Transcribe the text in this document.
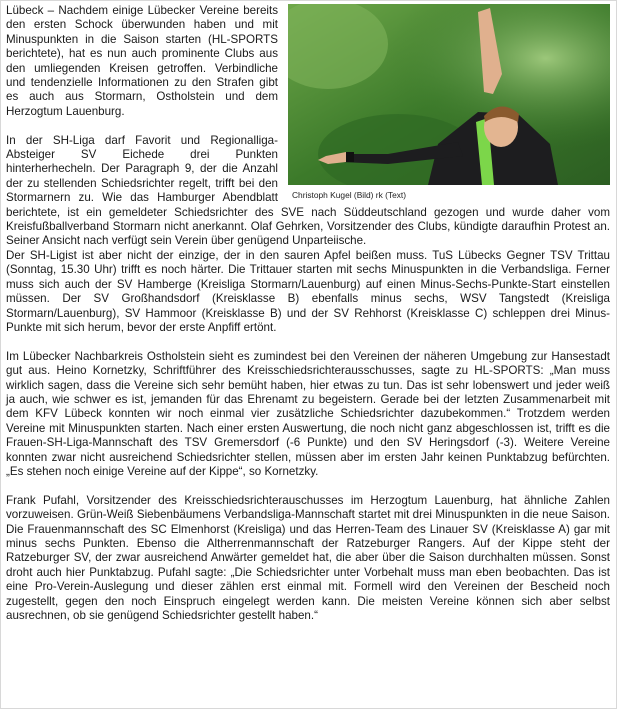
Christoph Kugel (Bild) rk (Text)

Lübeck – Nachdem einige Lübecker Vereine bereits den ersten Schock überwunden haben und mit Minuspunkten in die Saison starten (HL-SPORTS berichtete), hat es nun auch prominente Clubs aus den umliegenden Kreisen getroffen. Verbindliche und tendenzielle Informationen zu den Strafen gibt es auch aus Stormarn, Ostholstein und dem Herzogtum Lauenburg.

In der SH-Liga darf Favorit und Regionalliga-Absteiger SV Eichede drei Punkten hinterherhecheln. Der Paragraph 9, der die Anzahl der zu stellenden Schiedsrichter regelt, trifft bei den Stormarnern zu. Wie das Hamburger Abendblatt berichtete, ist ein gemeldeter Schiedsrichter des SVE nach Süddeutschland gezogen und wurde daher vom Kreisfußballverband Stormarn nicht anerkannt. Olaf Gehrken, Vorsitzender des Clubs, kündigte daraufhin Protest an. Seiner Ansicht nach verfügt sein Verein über genügend Unparteiische.

Der SH-Ligist ist aber nicht der einzige, der in den sauren Apfel beißen muss. TuS Lübecks Gegner TSV Trittau (Sonntag, 15.30 Uhr) trifft es noch härter. Die Trittauer starten mit sechs Minuspunkten in die Verbandsliga. Ferner muss sich auch der SV Hamberge (Kreisliga Stormarn/Lauenburg) auf einen Minus-Sechs-Punkte-Start einstellen müssen. Der SV Großhandsdorf (Kreisklasse B) ebenfalls minus sechs, WSV Tangstedt (Kreisliga Stormarn/Lauenburg), SV Hammoor (Kreisklasse B) und der SV Rehhorst (Kreisklasse C) schleppen drei Minus-Punkte mit sich herum, bevor der erste Anpfiff ertönt.

Im Lübecker Nachbarkreis Ostholstein sieht es zumindest bei den Vereinen der näheren Umgebung zur Hansestadt gut aus. Heino Kornetzky, Schriftführer des Kreisschiedsrichterausschusses, sagte zu HL-SPORTS: „Man muss wirklich sagen, dass die Vereine sich sehr bemüht haben, hier etwas zu tun. Das ist sehr lobenswert und jeder weiß ja auch, wie schwer es ist, jemanden für das Ehrenamt zu begeistern. Gerade bei der letzten Zusammenarbeit mit dem KFV Lübeck konnten wir noch einmal vier zusätzliche Schiedsrichter dazubekommen.“ Trotzdem werden Vereine mit Minuspunkten starten. Nach einer ersten Auswertung, die noch nicht ganz abgeschlossen ist, trifft es die Frauen-SH-Liga-Mannschaft des TSV Gremersdorf (-6 Punkte) und den SV Heringsdorf (-3). Weitere Vereine konnten zwar nicht ausreichend Schiedsrichter stellen, müssen aber im ersten Jahr keinen Punktabzug befürchten. „Es stehen noch einige Vereine auf der Kippe“, so Kornetzky.

Frank Pufahl, Vorsitzender des Kreisschiedsrichterauschusses im Herzogtum Lauenburg, hat ähnliche Zahlen vorzuweisen. Grün-Weiß Siebenbäumens Verbandsliga-Mannschaft startet mit drei Minuspunkten in die neue Saison. Die Frauenmannschaft des SC Elmenhorst (Kreisliga) und das Herren-Team des Linauer SV (Kreisklasse A) gar mit minus sechs Punkten. Ebenso die Altherrenmannschaft der Ratzeburger Rangers. Auf der Kippe steht der Ratzeburger SV, der zwar ausreichend Anwärter gemeldet hat, die aber über die Saison durchhalten müssen. Sonst droht auch hier Punktabzug. Pufahl sagte: „Die Schiedsrichter unter Vorbehalt muss man eben beobachten. Das ist eine Pro-Verein-Auslegung und dieser zählen erst einmal mit. Formell wird den Vereinen der Bescheid noch zugestellt, gegen den noch Einspruch eingelegt werden kann. Die meisten Vereine können sich aber selbst ausrechnen, ob sie genügend Schiedsrichter gestellt haben.“
